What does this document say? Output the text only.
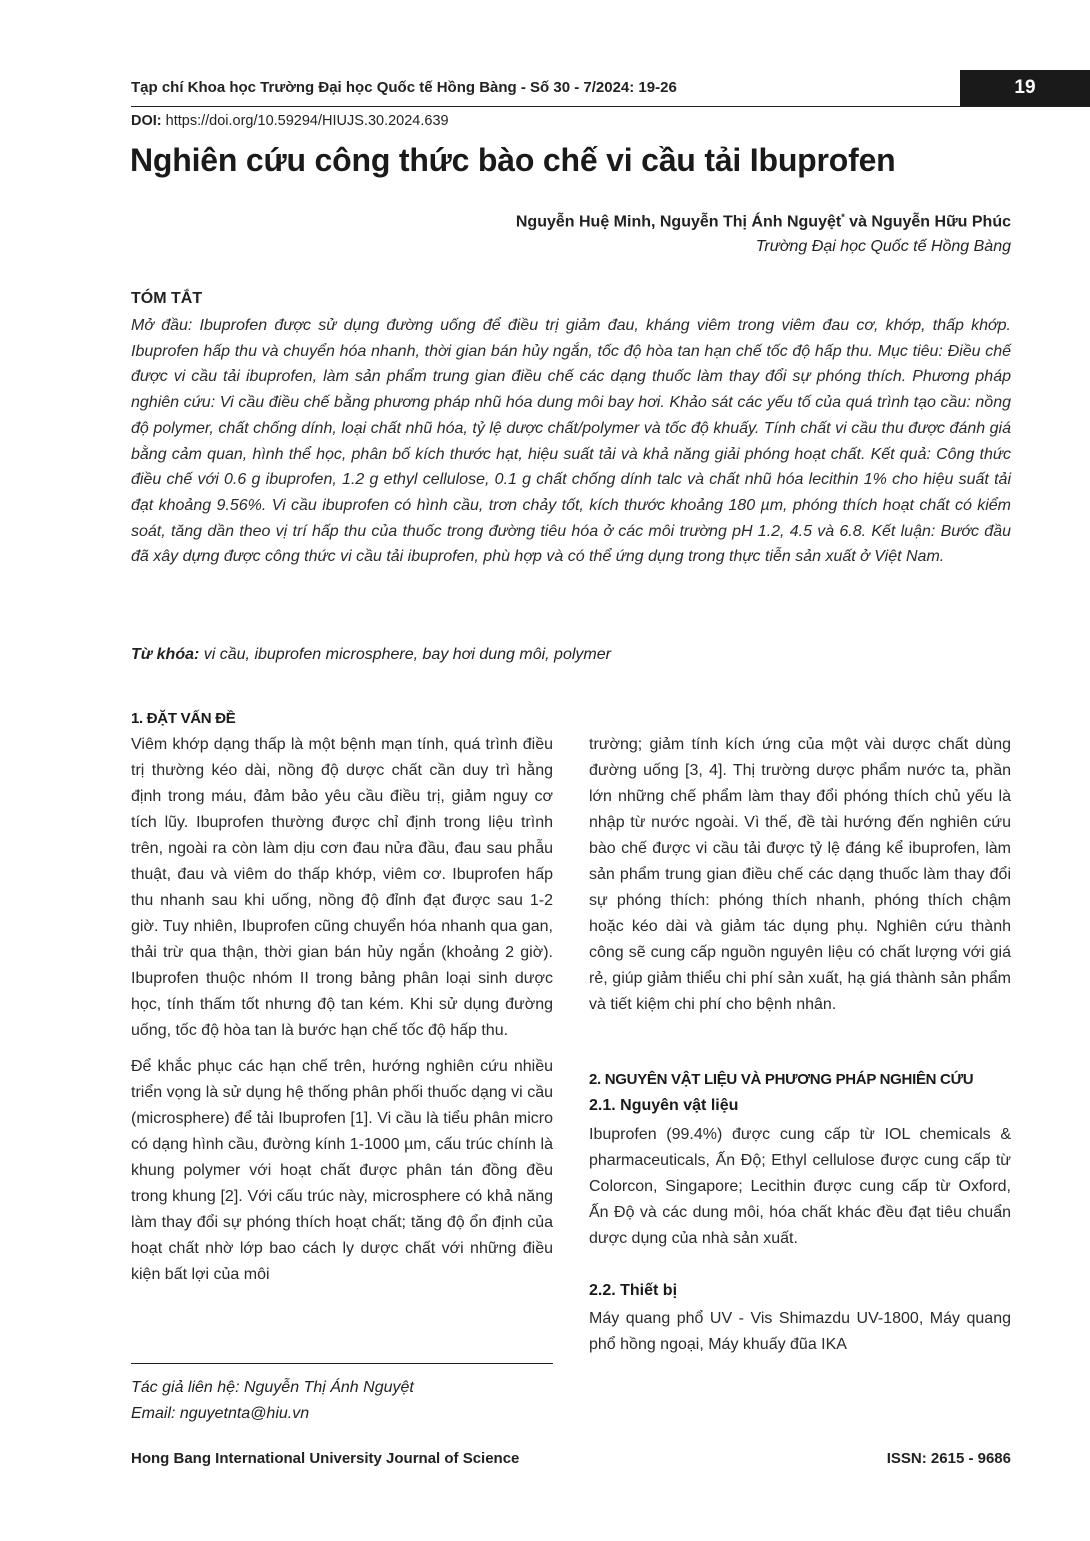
Tạp chí Khoa học Trường Đại học Quốc tế Hồng Bàng - Số 30 - 7/2024: 19-26	19
DOI: https://doi.org/10.59294/HIUJS.30.2024.639
Nghiên cứu công thức bào chế vi cầu tải Ibuprofen
Nguyễn Huệ Minh, Nguyễn Thị Ánh Nguyệt* và Nguyễn Hữu Phúc
Trường Đại học Quốc tế Hồng Bàng
TÓM TẮT
Mở đầu: Ibuprofen được sử dụng đường uống để điều trị giảm đau, kháng viêm trong viêm đau cơ, khớp, thấp khớp. Ibuprofen hấp thu và chuyển hóa nhanh, thời gian bán hủy ngắn, tốc độ hòa tan hạn chế tốc độ hấp thu. Mục tiêu: Điều chế được vi cầu tải ibuprofen, làm sản phẩm trung gian điều chế các dạng thuốc làm thay đổi sự phóng thích. Phương pháp nghiên cứu: Vi cầu điều chế bằng phương pháp nhũ hóa dung môi bay hơi. Khảo sát các yếu tố của quá trình tạo cầu: nồng độ polymer, chất chống dính, loại chất nhũ hóa, tỷ lệ dược chất/polymer và tốc độ khuấy. Tính chất vi cầu thu được đánh giá bằng cảm quan, hình thể học, phân bố kích thước hạt, hiệu suất tải và khả năng giải phóng hoạt chất. Kết quả: Công thức điều chế với 0.6 g ibuprofen, 1.2 g ethyl cellulose, 0.1 g chất chống dính talc và chất nhũ hóa lecithin 1% cho hiệu suất tải đạt khoảng 9.56%. Vi cầu ibuprofen có hình cầu, trơn chảy tốt, kích thước khoảng 180 µm, phóng thích hoạt chất có kiểm soát, tăng dần theo vị trí hấp thu của thuốc trong đường tiêu hóa ở các môi trường pH 1.2, 4.5 và 6.8. Kết luận: Bước đầu đã xây dựng được công thức vi cầu tải ibuprofen, phù hợp và có thể ứng dụng trong thực tiễn sản xuất ở Việt Nam.
Từ khóa: vi cầu, ibuprofen microsphere, bay hơi dung môi, polymer
1. ĐẶT VẤN ĐỀ

Viêm khớp dạng thấp là một bệnh mạn tính, quá trình điều trị thường kéo dài, nồng độ dược chất cần duy trì hằng định trong máu, đảm bảo yêu cầu điều trị, giảm nguy cơ tích lũy. Ibuprofen thường được chỉ định trong liệu trình trên, ngoài ra còn làm dịu cơn đau nửa đầu, đau sau phẫu thuật, đau và viêm do thấp khớp, viêm cơ. Ibuprofen hấp thu nhanh sau khi uống, nồng độ đỉnh đạt được sau 1-2 giờ. Tuy nhiên, Ibuprofen cũng chuyển hóa nhanh qua gan, thải trừ qua thận, thời gian bán hủy ngắn (khoảng 2 giờ). Ibuprofen thuộc nhóm II trong bảng phân loại sinh dược học, tính thấm tốt nhưng độ tan kém. Khi sử dụng đường uống, tốc độ hòa tan là bước hạn chế tốc độ hấp thu.

Để khắc phục các hạn chế trên, hướng nghiên cứu nhiều triển vọng là sử dụng hệ thống phân phối thuốc dạng vi cầu (microsphere) để tải Ibuprofen [1]. Vi cầu là tiểu phân micro có dạng hình cầu, đường kính 1-1000 µm, cấu trúc chính là khung polymer với hoạt chất được phân tán đồng đều trong khung [2]. Với cấu trúc này, microsphere có khả năng làm thay đổi sự phóng thích hoạt chất; tăng độ ổn định của hoạt chất nhờ lớp bao cách ly dược chất với những điều kiện bất lợi của môi

trường; giảm tính kích ứng của một vài dược chất dùng đường uống [3, 4]. Thị trường dược phẩm nước ta, phần lớn những chế phẩm làm thay đổi phóng thích chủ yếu là nhập từ nước ngoài. Vì thế, đề tài hướng đến nghiên cứu bào chế được vi cầu tải được tỷ lệ đáng kể ibuprofen, làm sản phẩm trung gian điều chế các dạng thuốc làm thay đổi sự phóng thích: phóng thích nhanh, phóng thích chậm hoặc kéo dài và giảm tác dụng phụ. Nghiên cứu thành công sẽ cung cấp nguồn nguyên liệu có chất lượng với giá rẻ, giúp giảm thiểu chi phí sản xuất, hạ giá thành sản phẩm và tiết kiệm chi phí cho bệnh nhân.

2. NGUYÊN VẬT LIỆU VÀ PHƯƠNG PHÁP NGHIÊN CỨU
2.1. Nguyên vật liệu
Ibuprofen (99.4%) được cung cấp từ IOL chemicals & pharmaceuticals, Ấn Độ; Ethyl cellulose được cung cấp từ Colorcon, Singapore; Lecithin được cung cấp từ Oxford, Ấn Độ và các dung môi, hóa chất khác đều đạt tiêu chuẩn dược dụng của nhà sản xuất.
2.2. Thiết bị
Máy quang phổ UV - Vis Shimazdu UV-1800, Máy quang phổ hồng ngoại, Máy khuấy đũa IKA
Tác giả liên hệ: Nguyễn Thị Ánh Nguyệt
Email: nguyetnta@hiu.vn
Hong Bang International University Journal of Science	ISSN: 2615 - 9686
